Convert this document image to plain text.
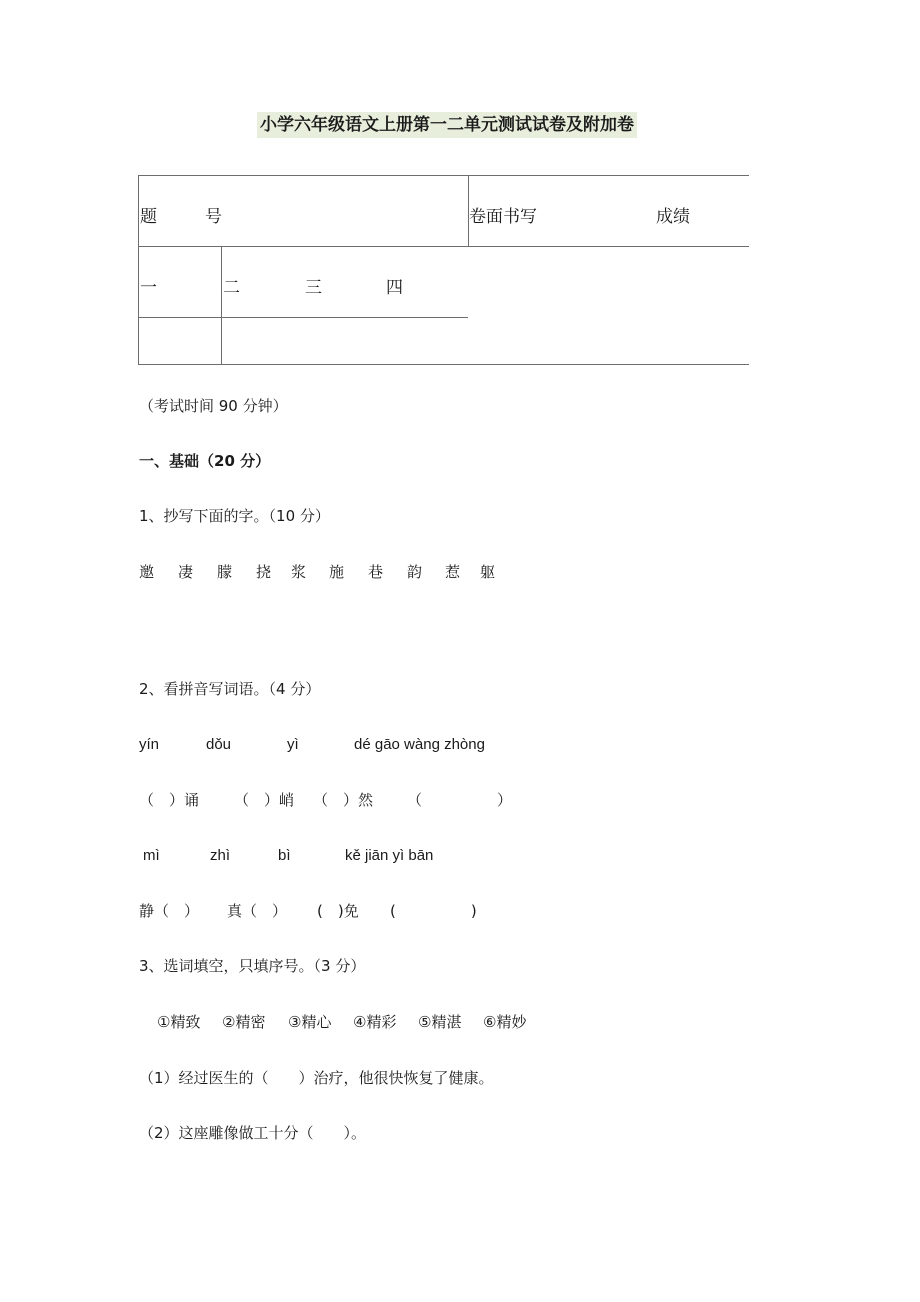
小学六年级语文上册第一二单元测试试卷及附加卷
题	号	卷面书写	成绩
一	二	三	四
（考试时间 90 分钟）
一、基础（20 分）
1、抄写下面的字。（10 分）
邀 凄 朦 挠 浆 施 巷 韵 惹 躯
2、看拼音写词语。（4 分）
yín	dǒu	yì	dé gāo wàng zhòng
（　）诵 （　）峭 （　）然 （　　　　　）
mì	zhì	bì	kě jiān yì bān
静（　） 真（　） (　)免 (　　　　　)
3、选词填空，只填序号。（3 分）
①精致 ②精密 ③精心 ④精彩 ⑤精湛 ⑥精妙
（1）经过医生的（　　）治疗，他很快恢复了健康。
（2）这座雕像做工十分（　　）。
